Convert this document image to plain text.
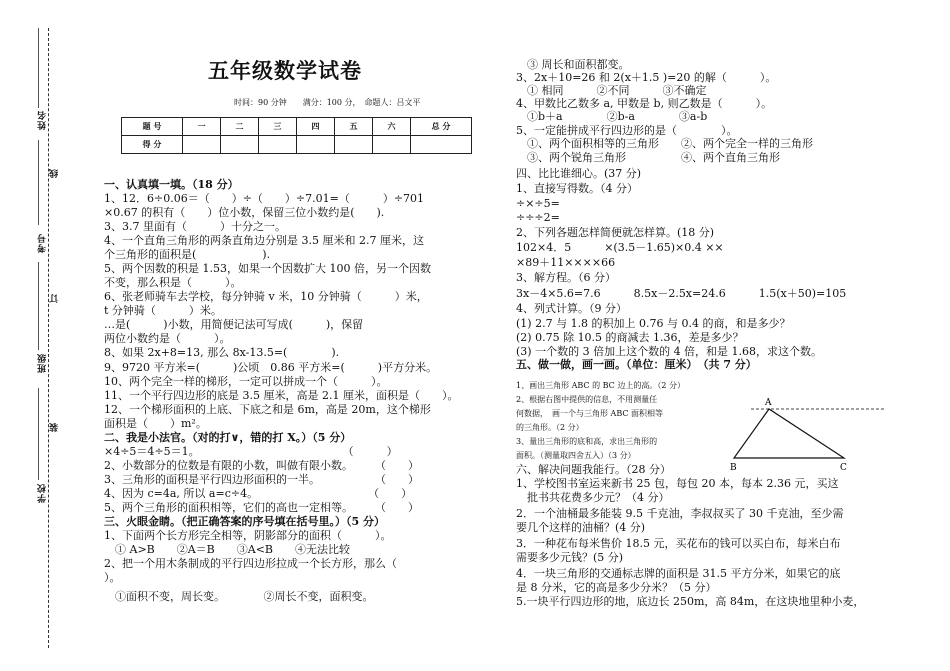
姓名
线
考号
订
班级
装
学校
五年级数学试卷
时间：90 分钟　　满分：100 分，　命题人：吕文平
题 号	一	二	三	四	五	六	总 分
得 分							
一、认真填一填。（18 分）
1、12．6÷0.06＝（　　）÷（　　）÷7.01=（　　　）÷701
×0.67 的积有（　　）位小数，保留三位小数约是(　　).
3、3.7 里面有（　　　）十分之一。
4、一个直角三角形的两条直角边分别是 3.5 厘米和 2.7 厘米，这
个三角形的面积是(　　　　　　).
5、两个因数的积是 1.53，如果一个因数扩大 100 倍，另一个因数
不变，那么积是（　　　）。
6、张老师骑车去学校，每分钟骑 v 米，10 分钟骑（　　　）米，
t 分钟骑（　　　）米。
…是(　　　)小数，用简便记法可写成(　　　)，保留
两位小数约是（　　　）。
8、如果 2x+8=13, 那么 8x-13.5=(　　　　).
9、9720 平方米=(　　　)公顷　0.86 平方米=(　　　)平方分米。
10、两个完全一样的梯形，一定可以拼成一个（　　　）。
11、一个平行四边形的底是 3.5 厘米，高是 2.1 厘米，面积是（　　）。
12、一个梯形面积的上底、下底之和是 6m，高是 20m，这个梯形
面积是（　　）m²。
二、我是小法官。（对的打∨，错的打 X。）（5 分）
×4÷5＝4÷5＝1。　　　　　　　　　　　　　　（　　　）
2、小数部分的位数是有限的小数，叫做有限小数。　　　（　　）
3、三角形的面积是平行四边形面积的一半。　　　　　　（　　）
4、因为 c=4a, 所以 a=c÷4。　　　　　　　　　　　（　　）
5、两个三角形的面积相等，它们的高也一定相等。　　　（　　）
三、火眼金睛。（把正确答案的序号填在括号里。）（5 分）
1、下面两个长方形完全相等，阴影部分的面积（　　　）。
　① A>B　　②A＝B　　③A<B　　④无法比较
2、把一个用木条制成的平行四边形拉成一个长方形，那么（　
）。
　①面积不变，周长变。　　　　②周长不变，面积变。
　③ 周长和面积都变。
3、2x＋10=26 和 2(x＋1.5 )=20 的解（　　　）。
　① 相同　　　②不同　　　③不确定
4、甲数比乙数多 a, 甲数是 b, 则乙数是（　　　）。
　①b＋a　　　　②b-a　　　　③a-b
5、一定能拼成平行四边形的是（　　　　）。
　①、两个面积相等的三角形　　②、两个完全一样的三角形
　③、两个锐角三角形　　　　　④、两个直角三角形
四、比比谁细心。(37 分)
1、直接写得数。（4 分）
÷×÷5=
÷÷÷2=
2、下列各题怎样简便就怎样算。(18 分)
102×4．5　　　×(3.5－1.65)×0.4 ××
×89＋11××××66
3、解方程。（6 分）
3x－4×5.6=7.6　　　8.5x－2.5x=24.6　　　1.5(x＋50)=105
4、列式计算。（9 分）
(1) 2.7 与 1.8 的积加上 0.76 与 0.4 的商，和是多少？
(2) 0.75 除 10.5 的商减去 1.36，差是多少？
(3) 一个数的 3 倍加上这个数的 4 倍，和是 1.68，求这个数。
五、做一做，画一画。（单位：厘米）　（共 7 分）
1、画出三角形 ABC 的 BC 边上的高。（2 分）
2、根据右图中提供的信息，不用测量任
何数据，　画一个与三角形 ABC 面积相等
的三角形。（2 分）
3、量出三角形的底和高，求出三角形的
面积。（测量取四舍五入）（3 分）
六、解决问题我能行。（28 分）
1、学校图书室运来新书 25 包，每包 20 本，每本 2.36 元，买这
　批书共花费多少元？（4 分）
2．一个油桶最多能装 9.5 千克油，李叔叔买了 30 千克油，至少需
要几个这样的油桶？(4 分)
3．一种花布每米售价 18.5 元，买花布的钱可以买白布，每米白布
需要多少元钱？(5 分)
4．一块三角形的交通标志牌的面积是 31.5 平方分米，如果它的底
是 8 分米，它的高是多少分米？（5 分）
5.一块平行四边形的地，底边长 250m，高 84m，在这块地里种小麦，
A
B	C
